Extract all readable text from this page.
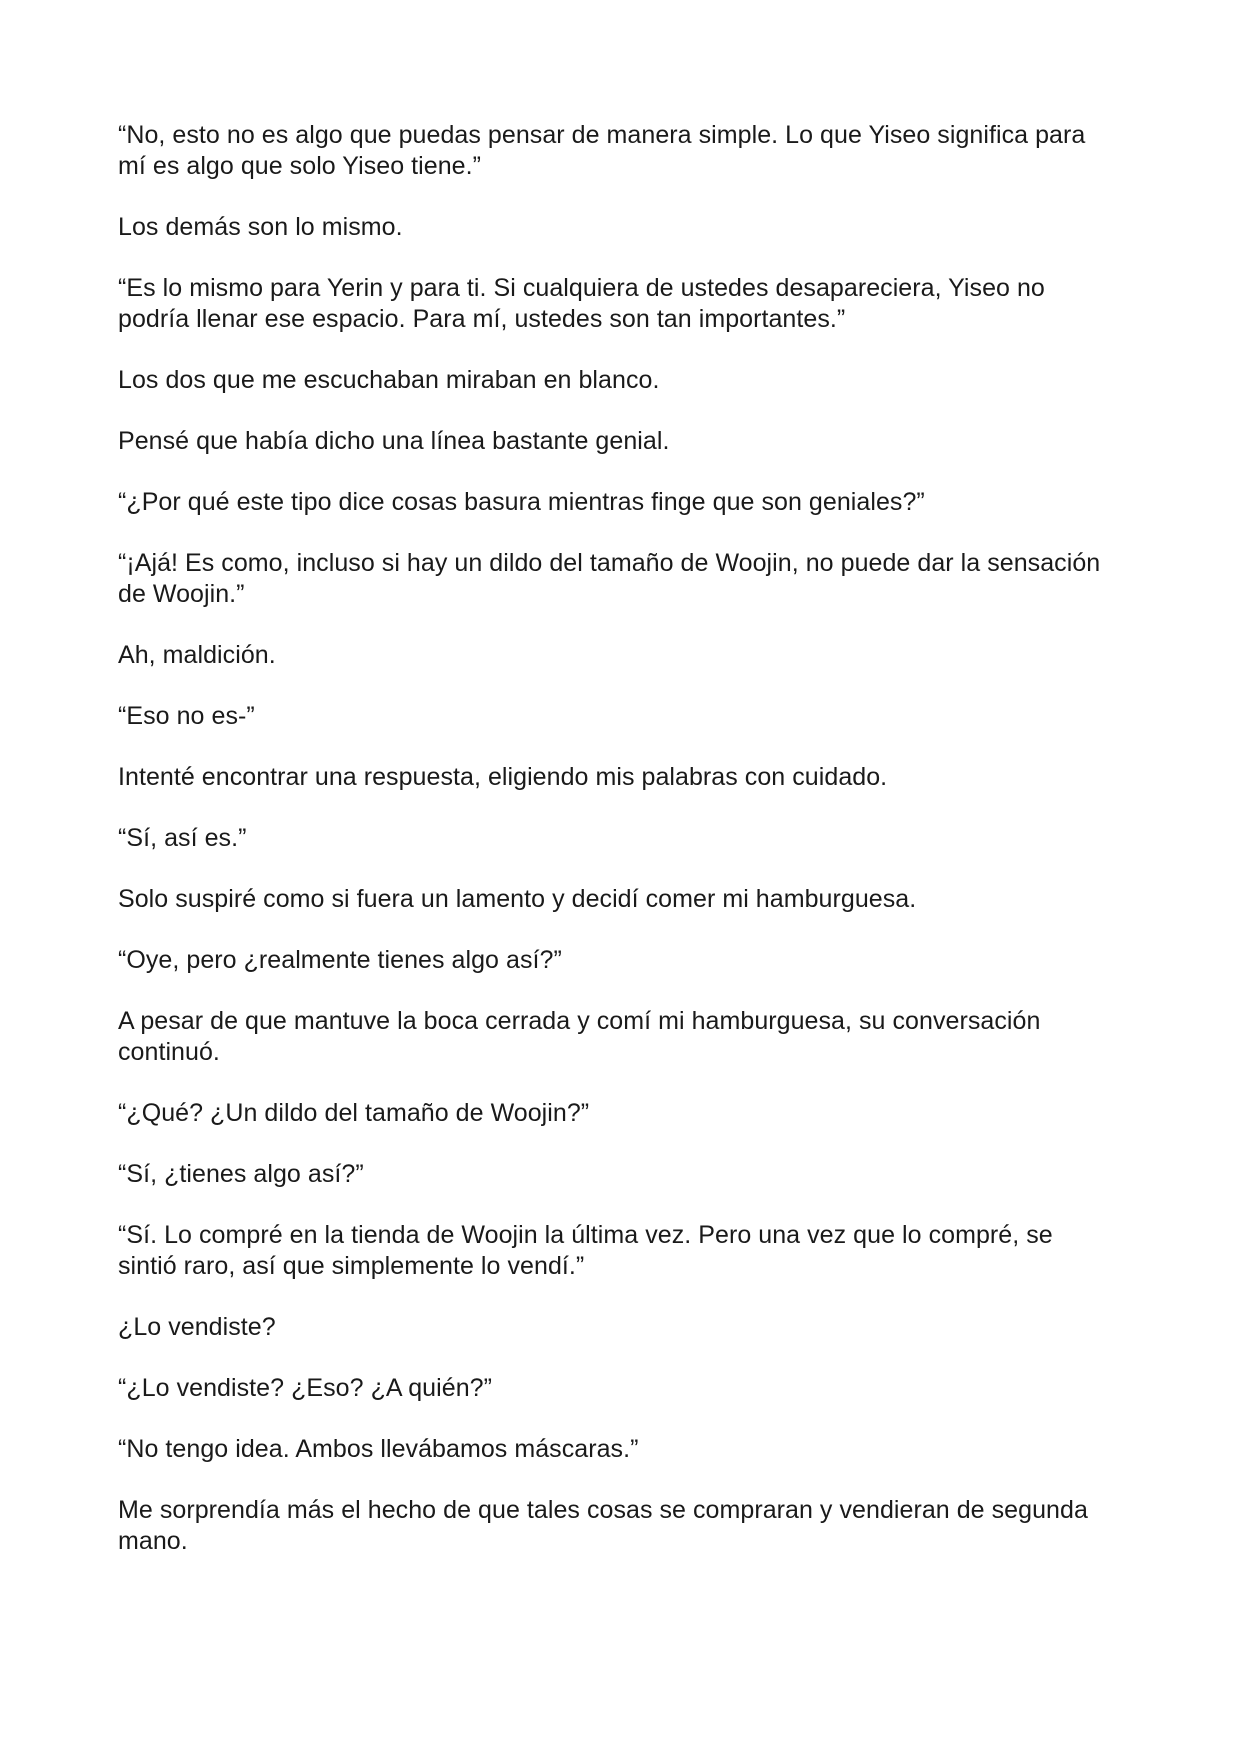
“No, esto no es algo que puedas pensar de manera simple. Lo que Yiseo significa para mí es algo que solo Yiseo tiene.”

Los demás son lo mismo.

“Es lo mismo para Yerin y para ti. Si cualquiera de ustedes desapareciera, Yiseo no podría llenar ese espacio. Para mí, ustedes son tan importantes.”

Los dos que me escuchaban miraban en blanco.

Pensé que había dicho una línea bastante genial.

“¿Por qué este tipo dice cosas basura mientras finge que son geniales?”

“¡Ajá! Es como, incluso si hay un dildo del tamaño de Woojin, no puede dar la sensación de Woojin.”

Ah, maldición.

“Eso no es-”

Intenté encontrar una respuesta, eligiendo mis palabras con cuidado.

“Sí, así es.”

Solo suspiré como si fuera un lamento y decidí comer mi hamburguesa.

“Oye, pero ¿realmente tienes algo así?”

A pesar de que mantuve la boca cerrada y comí mi hamburguesa, su conversación continuó.

“¿Qué? ¿Un dildo del tamaño de Woojin?”

“Sí, ¿tienes algo así?”

“Sí. Lo compré en la tienda de Woojin la última vez. Pero una vez que lo compré, se sintió raro, así que simplemente lo vendí.”

¿Lo vendiste?

“¿Lo vendiste? ¿Eso? ¿A quién?”

“No tengo idea. Ambos llevábamos máscaras.”

Me sorprendía más el hecho de que tales cosas se compraran y vendieran de segunda mano.
